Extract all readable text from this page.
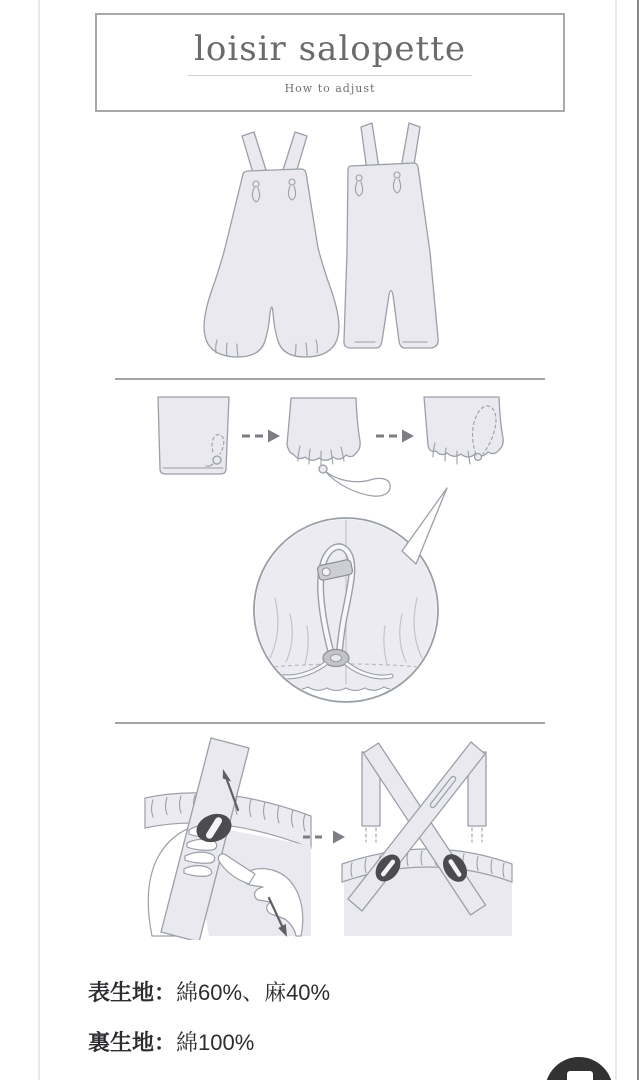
loisir salopette
How to adjust
表生地：綿60%、麻40%
裏生地：綿100%
